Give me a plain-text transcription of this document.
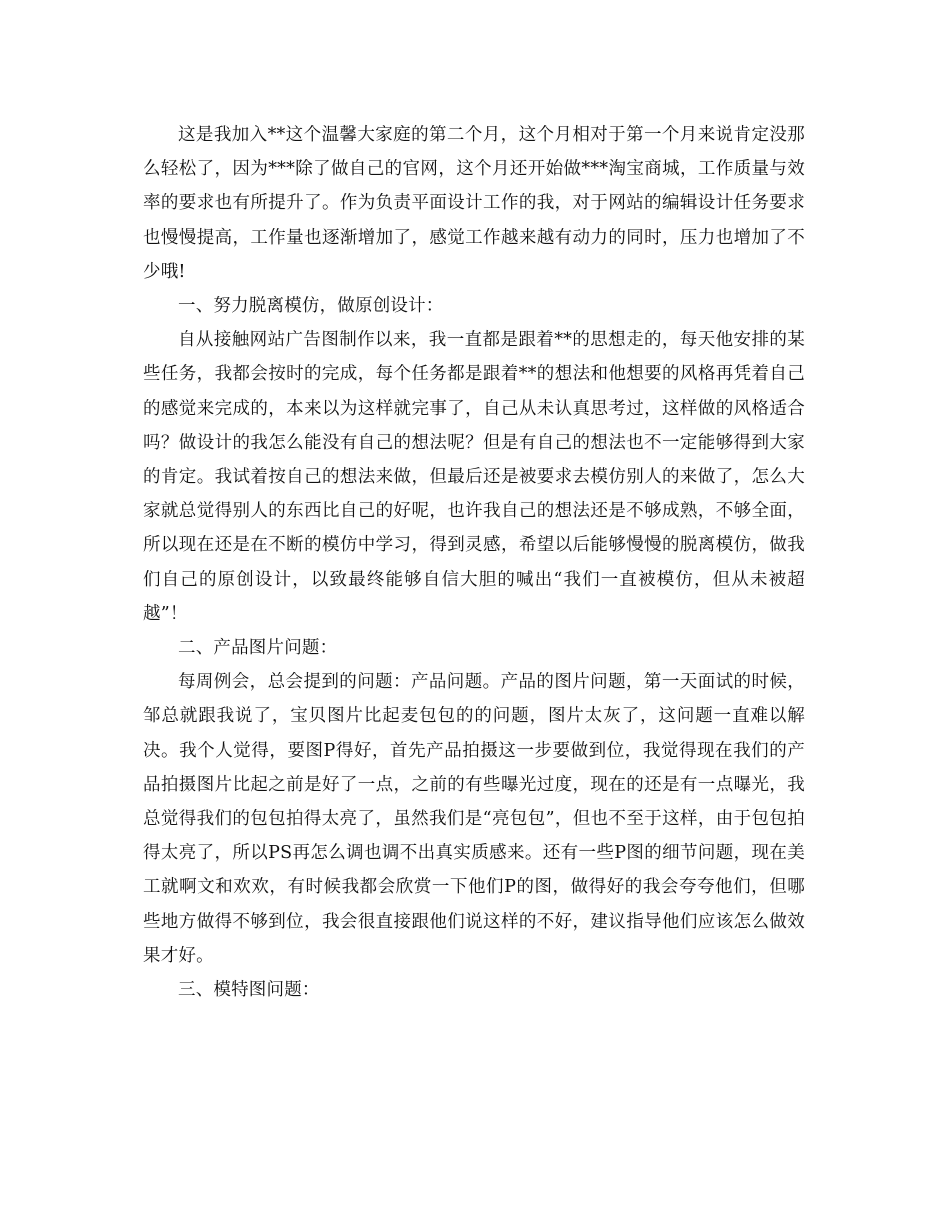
这是我加入**这个温馨大家庭的第二个月，这个月相对于第一个月来说肯定没那么轻松了，因为***除了做自己的官网，这个月还开始做***淘宝商城，工作质量与效率的要求也有所提升了。作为负责平面设计工作的我，对于网站的编辑设计任务要求也慢慢提高，工作量也逐渐增加了，感觉工作越来越有动力的同时，压力也增加了不少哦!

一、努力脱离模仿，做原创设计：

自从接触网站广告图制作以来，我一直都是跟着**的思想走的，每天他安排的某些任务，我都会按时的完成，每个任务都是跟着**的想法和他想要的风格再凭着自己的感觉来完成的，本来以为这样就完事了，自己从未认真思考过，这样做的风格适合吗？做设计的我怎么能没有自己的想法呢？但是有自己的想法也不一定能够得到大家的肯定。我试着按自己的想法来做，但最后还是被要求去模仿别人的来做了，怎么大家就总觉得别人的东西比自己的好呢，也许我自己的想法还是不够成熟，不够全面，所以现在还是在不断的模仿中学习，得到灵感，希望以后能够慢慢的脱离模仿，做我们自己的原创设计，以致最终能够自信大胆的喊出“我们一直被模仿，但从未被超越”！

二、产品图片问题：

每周例会，总会提到的问题：产品问题。产品的图片问题，第一天面试的时候，邹总就跟我说了，宝贝图片比起麦包包的的问题，图片太灰了，这问题一直难以解决。我个人觉得，要图P得好，首先产品拍摄这一步要做到位，我觉得现在我们的产品拍摄图片比起之前是好了一点，之前的有些曝光过度，现在的还是有一点曝光，我总觉得我们的包包拍得太亮了，虽然我们是“亮包包”，但也不至于这样，由于包包拍得太亮了，所以PS再怎么调也调不出真实质感来。还有一些P图的细节问题，现在美工就啊文和欢欢，有时候我都会欣赏一下他们P的图，做得好的我会夸夸他们，但哪些地方做得不够到位，我会很直接跟他们说这样的不好，建议指导他们应该怎么做效果才好。

三、模特图问题：
